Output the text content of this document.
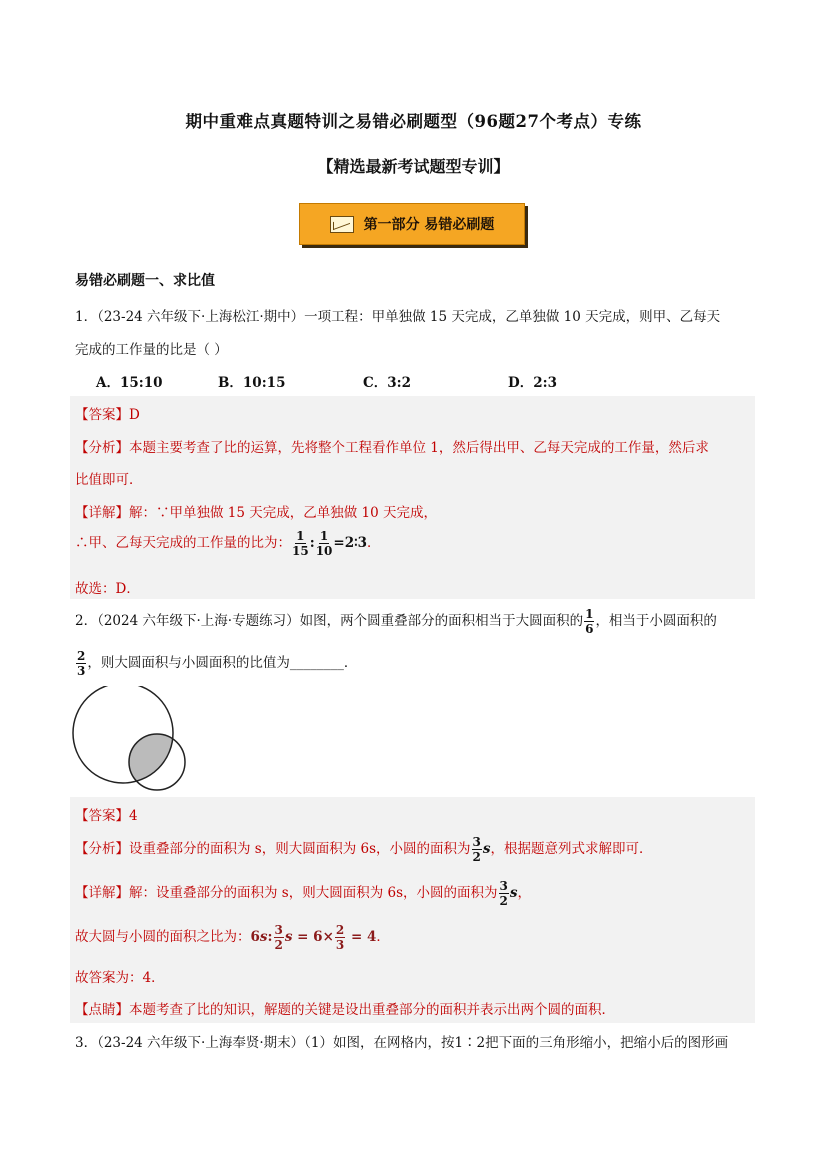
期中重难点真题特训之易错必刷题型（96题27个考点）专练
【精选最新考试题型专训】
第一部分 易错必刷题
易错必刷题一、求比值
1．（23-24 六年级下·上海松江·期中）一项工程：甲单独做 15 天完成，乙单独做 10 天完成，则甲、乙每天
完成的工作量的比是（ ）
A．15:10	B．10:15	C．3:2	D．2:3
【答案】D
【分析】本题主要考查了比的运算，先将整个工程看作单位 1，然后得出甲、乙每天完成的工作量，然后求
比值即可．
【详解】解：∵甲单独做 15 天完成，乙单独做 10 天完成，
∴甲、乙每天完成的工作量的比为： $\frac{1}{15}$ : $\frac{1}{10}$ =2∶3．
故选：D．
2．（2024 六年级下·上海·专题练习）如图，两个圆重叠部分的面积相当于大圆面积的 $\frac{1}{6}$ ，相当于小圆面积的
$\frac{2}{3}$ ，则大圆面积与小圆面积的比值为________．
【答案】4
【分析】设重叠部分的面积为 s，则大圆面积为 6s，小圆的面积为 $\frac{3}{2}$ s，根据题意列式求解即可．
【详解】解：设重叠部分的面积为 s，则大圆面积为 6s，小圆的面积为 $\frac{3}{2}$ s，
故大圆与小圆的面积之比为：6s: $\frac{3}{2}$ $s = 6\times \frac{2}{3} = 4$．
故答案为：4．
【点睛】本题考查了比的知识，解题的关键是设出重叠部分的面积并表示出两个圆的面积．
3．（23-24 六年级下·上海奉贤·期末）（1）如图，在网格内，按1∶2把下面的三角形缩小，把缩小后的图形画
